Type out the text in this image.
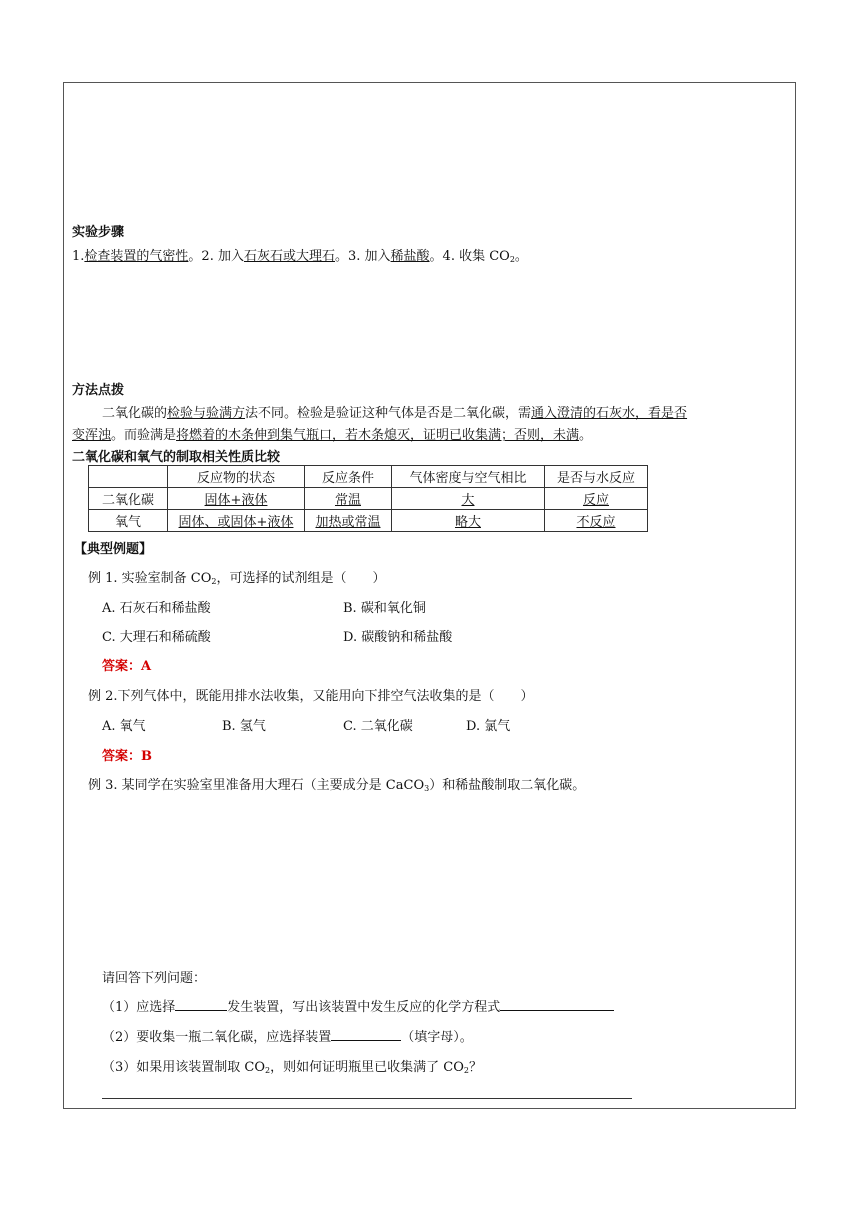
实验步骤
1.检查装置的气密性。2. 加入石灰石或大理石。3. 加入稀盐酸。4. 收集 $CO_2$。
方法点拨
二氧化碳的检验与验满方法不同。检验是验证这种气体是否是二氧化碳，需通入澄清的石灰水，看是否
变浑浊。而验满是将燃着的木条伸到集气瓶口，若木条熄灭，证明已收集满；否则，未满。
二氧化碳和氧气的制取相关性质比较
	反应物的状态	反应条件	气体密度与空气相比	是否与水反应
二氧化碳	固体+液体	常温	大	反应
氧气	固体、或固体+液体	加热或常温	略大	不反应
【典型例题】
例 1. 实验室制备 $CO_2$，可选择的试剂组是（　　）
A. 石灰石和稀盐酸	B. 碳和氧化铜
C. 大理石和稀硫酸	D. 碳酸钠和稀盐酸
答案：A
例 2.下列气体中，既能用排水法收集，又能用向下排空气法收集的是（　　）
A. 氧气	B. 氢气	C. 二氧化碳	D. 氯气
答案：B
例 3. 某同学在实验室里准备用大理石（主要成分是 CaCO$_3$）和稀盐酸制取二氧化碳。
请回答下列问题：
（1）应选择	发生装置，写出该装置中发生反应的化学方程式
（2）要收集一瓶二氧化碳，应选择装置	（填字母）。
（3）如果用该装置制取 $CO_2$，则如何证明瓶里已收集满了 $CO_2$？
